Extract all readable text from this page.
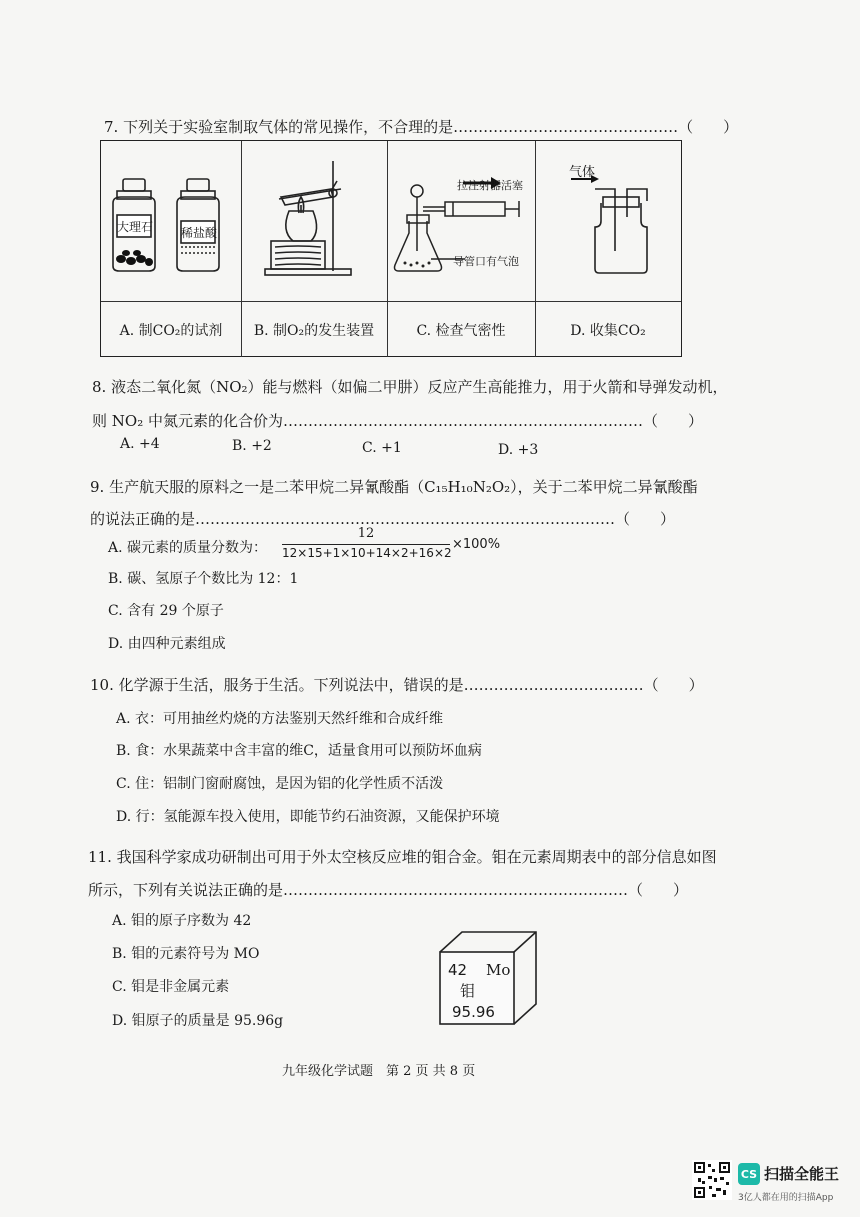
7. 下列关于实验室制取气体的常见操作，不合理的是………………………………………（　　）
大理石 稀盐酸
拉注射器活塞
导管口有气泡
气体
A. 制CO₂的试剂	B. 制O₂的发生装置	C. 检查气密性	D. 收集CO₂
8. 液态二氧化氮（NO₂）能与燃料（如偏二甲肼）反应产生高能推力，用于火箭和导弹发动机，
则 NO₂ 中氮元素的化合价为………………………………………………………………（　　）
A. +4	B. +2	C. +1	D. +3
9. 生产航天服的原料之一是二苯甲烷二异氰酸酯（C₁₅H₁₀N₂O₂），关于二苯甲烷二异氰酸酯
的说法正确的是…………………………………………………………………………（　　）
A. 碳元素的质量分数为：
12
12×15+1×10+14×2+16×2
×100%
B. 碳、氢原子个数比为 12：1
C. 含有 29 个原子
D. 由四种元素组成
10. 化学源于生活，服务于生活。下列说法中，错误的是………………………………（　　）
A. 衣：可用抽丝灼烧的方法鉴别天然纤维和合成纤维
B. 食：水果蔬菜中含丰富的维C，适量食用可以预防坏血病
C. 住：铝制门窗耐腐蚀，是因为铝的化学性质不活泼
D. 行：氢能源车投入使用，即能节约石油资源，又能保护环境
11. 我国科学家成功研制出可用于外太空核反应堆的钼合金。钼在元素周期表中的部分信息如图
所示，下列有关说法正确的是……………………………………………………………（　　）
A. 钼的原子序数为 42
B. 钼的元素符号为 MO
C. 钼是非金属元素
D. 钼原子的质量是 95.96g
42 Mo
钼
95.96
九年级化学试题　第 2 页 共 8 页
CS 扫描全能王
3亿人都在用的扫描App
